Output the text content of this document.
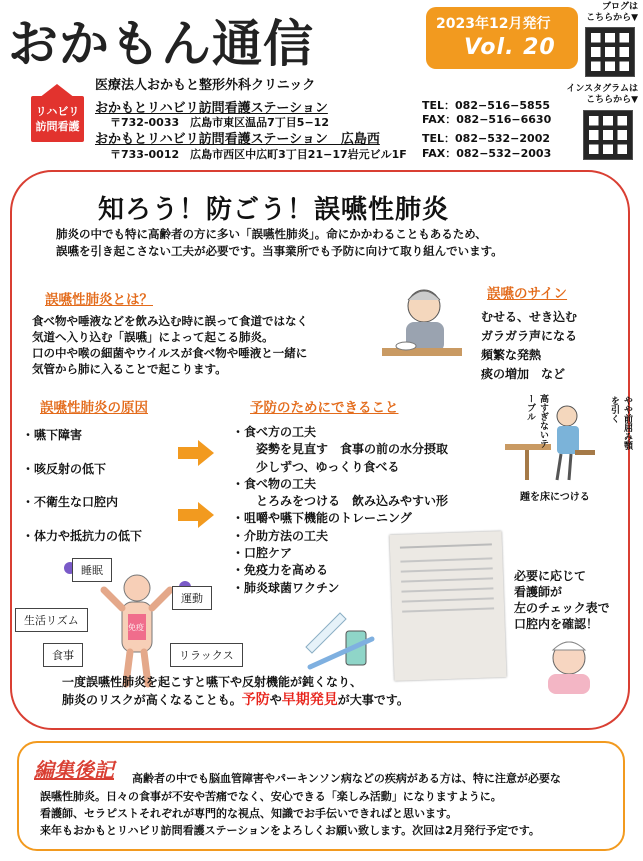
おかもん通信	2023年12月発行
Vol. 20
ブログは
こちらから▼
インスタグラムは
こちらから▼
リハビリ
訪問看護
医療法人おかもと整形外科クリニック
おかもとリハビリ訪問看護ステーション
〒732-0033　広島市東区温品7丁目5−12
TEL：082−516−5855
FAX：082−516−6630
おかもとリハビリ訪問看護ステーション　広島西
〒733-0012　広島市西区中広町3丁目21−17岩元ビル1F
TEL：082−532−2002
FAX：082−532−2003
知ろう！防ごう！誤嚥性肺炎
肺炎の中でも特に高齢者の方に多い「誤嚥性肺炎」。命にかかわることもあるため、
誤嚥を引き起こさない工夫が必要です。当事業所でも予防に向けて取り組んでいます。
誤嚥性肺炎とは？
食べ物や唾液などを飲み込む時に誤って食道ではなく
気道へ入り込む「誤嚥」によって起こる肺炎。
口の中や喉の細菌やウイルスが食べ物や唾液と一緒に
気管から肺に入ることで起こります。
誤嚥のサイン
むせる、せき込む
ガラガラ声になる
頻繁な発熱
痰の増加　など
誤嚥性肺炎の原因
・嚥下障害
・咳反射の低下
・不衛生な口腔内
・体力や抵抗力の低下
予防のためにできること
・食べ方の工夫
　　姿勢を見直す　食事の前の水分摂取
　　少しずつ、ゆっくり食べる
・食べ物の工夫
　　とろみをつける　飲み込みやすい形
・咀嚼や嚥下機能のトレーニング
・介助方法の工夫
・口腔ケア
・免疫力を高める
・肺炎球菌ワクチン
高すぎないテーブル	やや前屈み顎を引く
踵を床につける
免疫
睡眠
運動
生活リズム
食事	リラックス
必要に応じて
看護師が
左のチェック表で
口腔内を確認！
一度誤嚥性肺炎を起こすと嚥下や反射機能が鈍くなり、
肺炎のリスクが高くなることも。予防や早期発見が大事です。
編集後記 高齢者の中でも脳血管障害やパーキンソン病などの疾病がある方は、特に注意が必要な
誤嚥性肺炎。日々の食事が不安や苦痛でなく、安心できる「楽しみ活動」になりますように。
看護師、セラピストそれぞれが専門的な視点、知識でお手伝いできればと思います。
来年もおかもとリハビリ訪問看護ステーションをよろしくお願い致します。次回は2月発行予定です。
